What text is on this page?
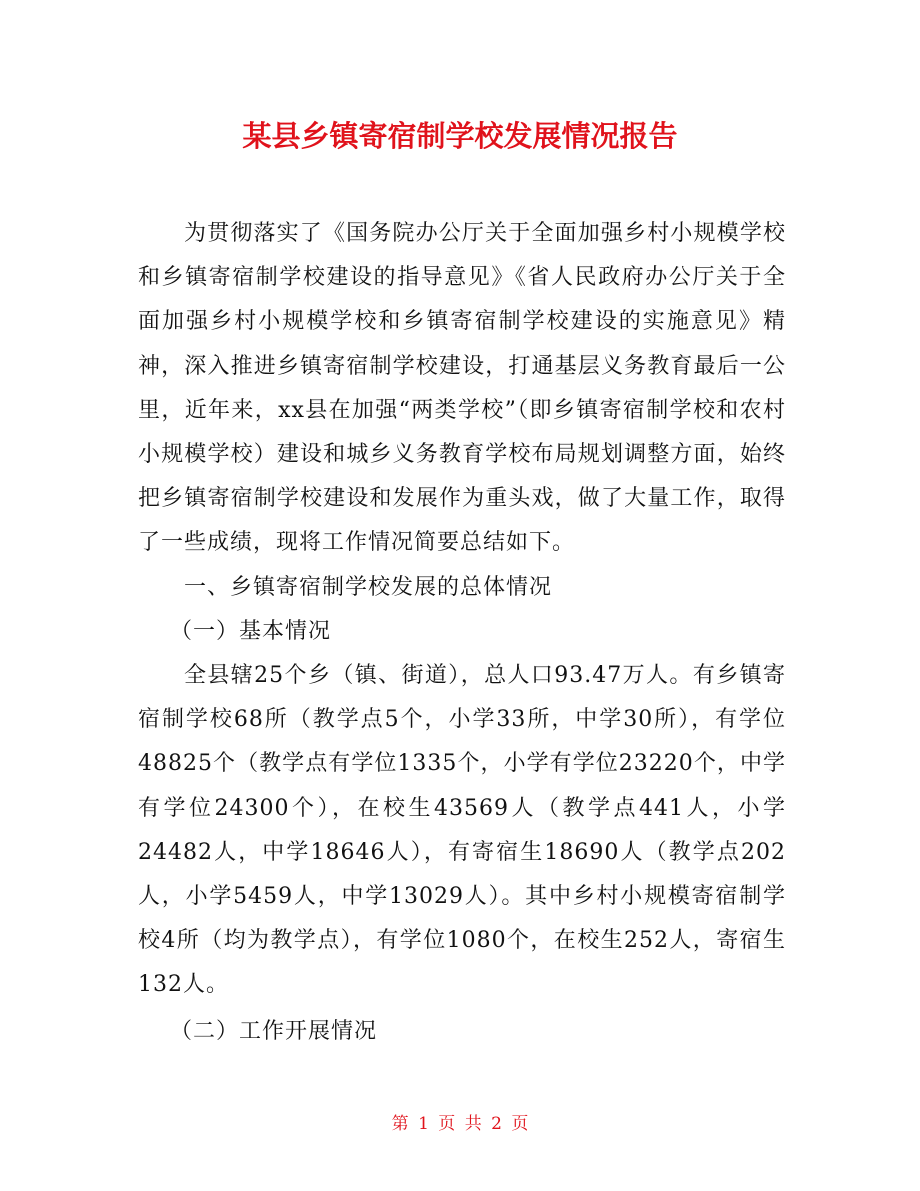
某县乡镇寄宿制学校发展情况报告

为贯彻落实了《国务院办公厅关于全面加强乡村小规模学校和乡镇寄宿制学校建设的指导意见》《省人民政府办公厅关于全面加强乡村小规模学校和乡镇寄宿制学校建设的实施意见》精神，深入推进乡镇寄宿制学校建设，打通基层义务教育最后一公里，近年来，xx县在加强“两类学校”（即乡镇寄宿制学校和农村小规模学校）建设和城乡义务教育学校布局规划调整方面，始终把乡镇寄宿制学校建设和发展作为重头戏，做了大量工作，取得了一些成绩，现将工作情况简要总结如下。

一、乡镇寄宿制学校发展的总体情况

（一）基本情况

全县辖25个乡（镇、街道），总人口93.47万人。有乡镇寄宿制学校68所（教学点5个，小学33所，中学30所），有学位48825个（教学点有学位1335个，小学有学位23220个，中学有学位24300个），在校生43569人（教学点441人，小学24482人，中学18646人），有寄宿生18690人（教学点202人，小学5459人，中学13029人）。其中乡村小规模寄宿制学校4所（均为教学点），有学位1080个，在校生252人，寄宿生132人。

（二）工作开展情况

第 1 页 共 2 页
